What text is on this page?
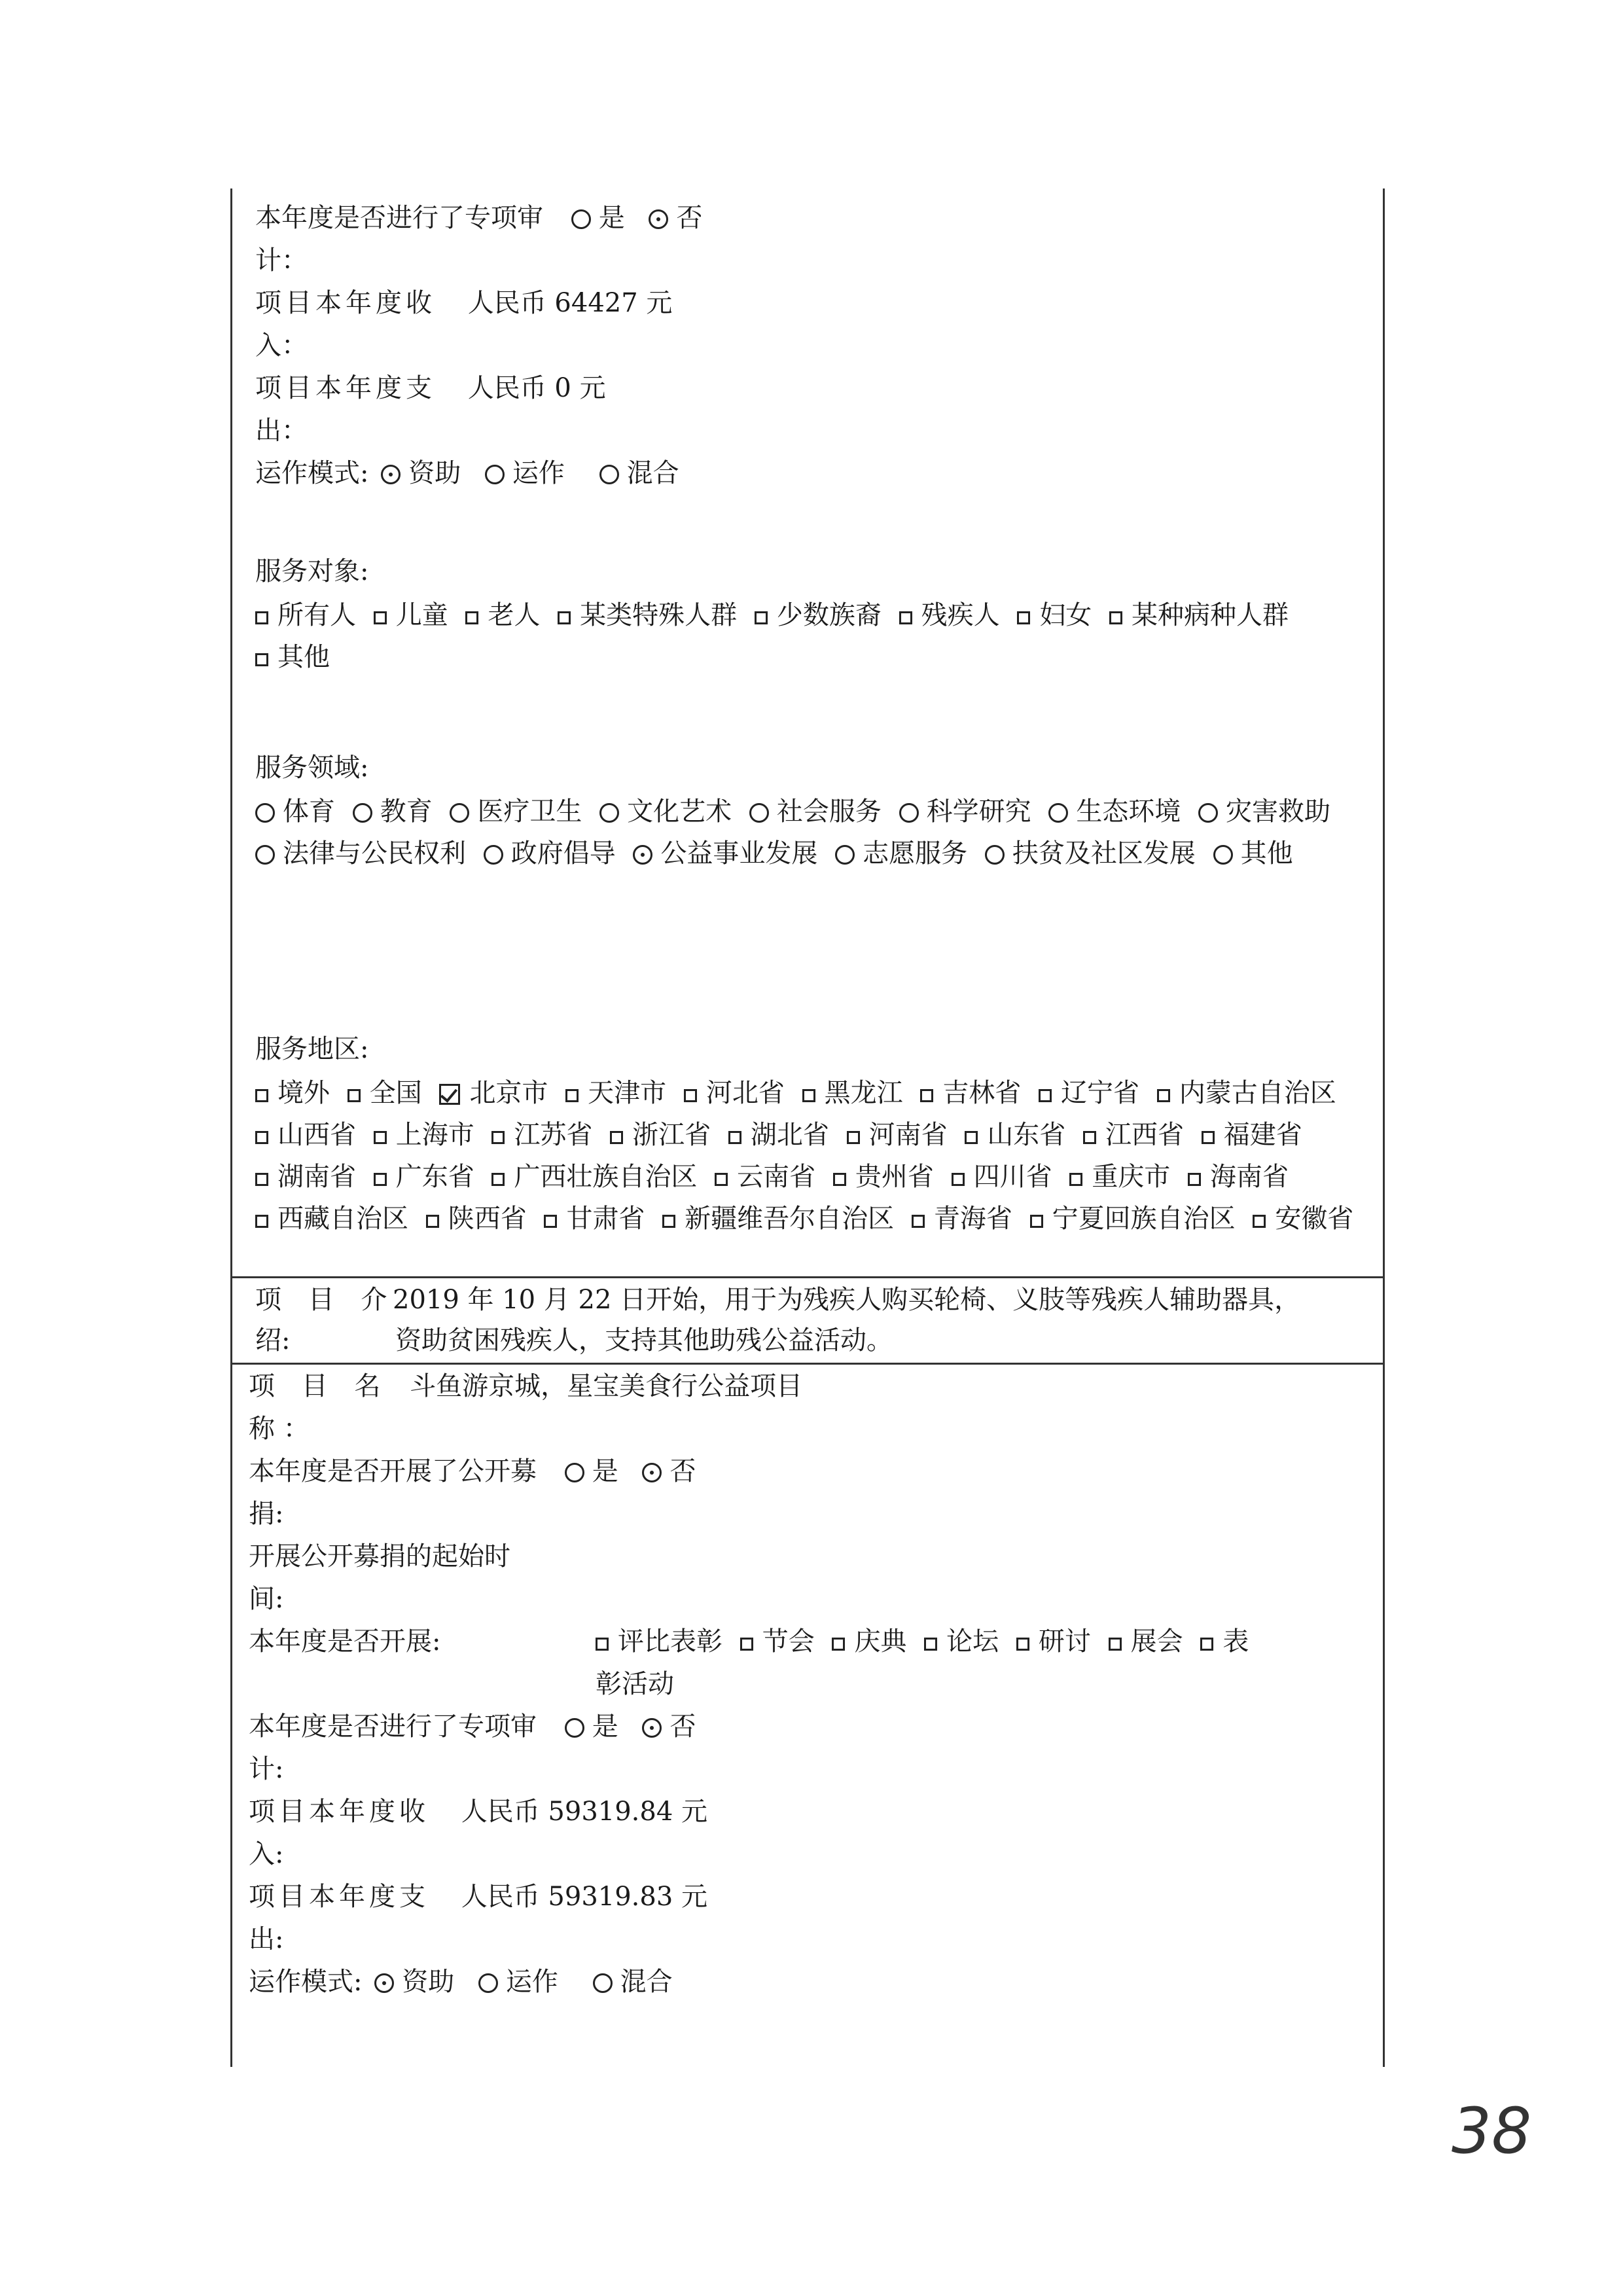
本年度是否进行了专项审 是 否
计：
项目本年度收 人民币 64427 元
入：
项目本年度支 人民币 0 元
出：
运作模式: 资助 运作 混合
服务对象:
所有人 儿童 老人 某类特殊人群 少数族裔 残疾人 妇女 某种病种人群 其他
服务领域:
体育 教育 医疗卫生 文化艺术 社会服务 科学研究 生态环境 灾害救助 法律与公民权利 政府倡导 公益事业发展 志愿服务 扶贫及社区发展 其他
服务地区:
境外 全国 北京市 天津市 河北省 黑龙江 吉林省 辽宁省 内蒙古自治区 山西省 上海市 江苏省 浙江省 湖北省 河南省 山东省 江西省 福建省 湖南省 广东省 广西壮族自治区 云南省 贵州省 四川省 重庆市 海南省 西藏自治区 陕西省 甘肃省 新疆维吾尔自治区 青海省 宁夏回族自治区 安徽省
项 目 介
2019 年 10 月 22 日开始，用于为残疾人购买轮椅、义肢等残疾人辅助器具，
绍:	资助贫困残疾人，支持其他助残公益活动。
项 目 名 斗鱼游京城，星宝美食行公益项目
称 ：
本年度是否开展了公开募 是 否
捐:
开展公开募捐的起始时
间:
本年度是否开展:	评比表彰 节会 庆典 论坛 研讨 展会 表
彰活动
本年度是否进行了专项审 是 否
计:
项目本年度收 人民币 59319.84 元
入:
项目本年度支 人民币 59319.83 元
出:
运作模式: 资助 运作 混合
38
